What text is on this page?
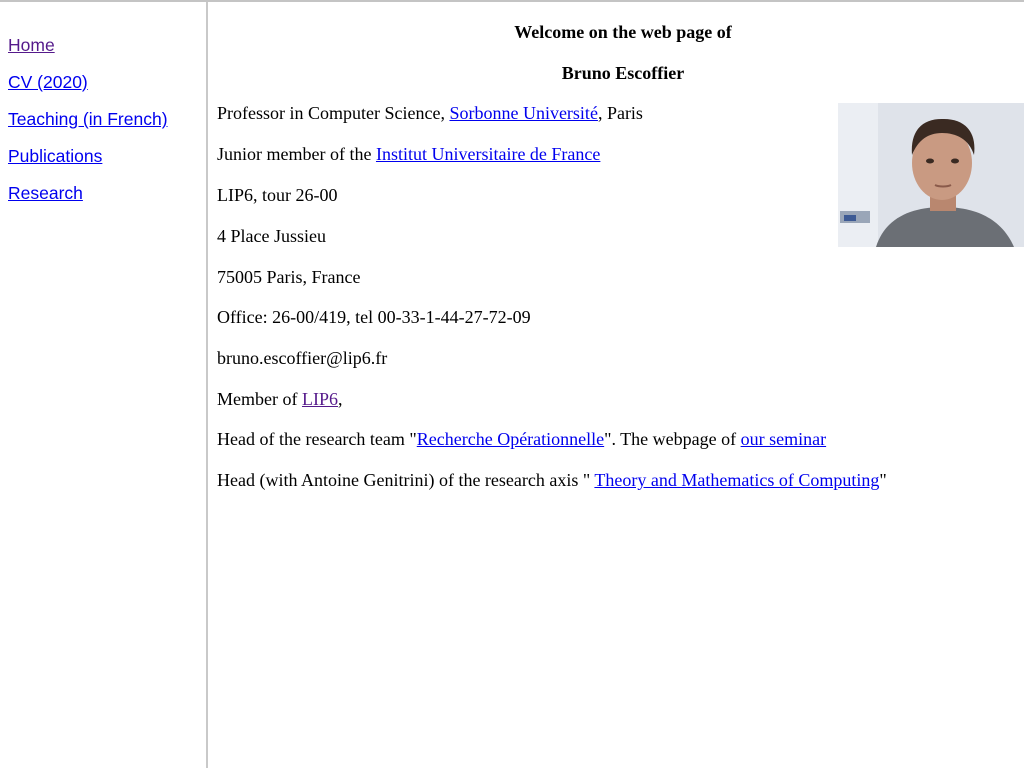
Home
CV (2020)
Teaching (in French)
Publications
Research

Welcome on the web page of

Bruno Escoffier

Professor in Computer Science, Sorbonne Université, Paris

Junior member of the Institut Universitaire de France

LIP6, tour 26-00

4 Place Jussieu

75005 Paris, France

Office: 26-00/419, tel 00-33-1-44-27-72-09

bruno.escoffier@lip6.fr

Member of LIP6,

Head of the research team "Recherche Opérationnelle". The webpage of our seminar

Head (with Antoine Genitrini) of the research axis " Theory and Mathematics of Computing"
